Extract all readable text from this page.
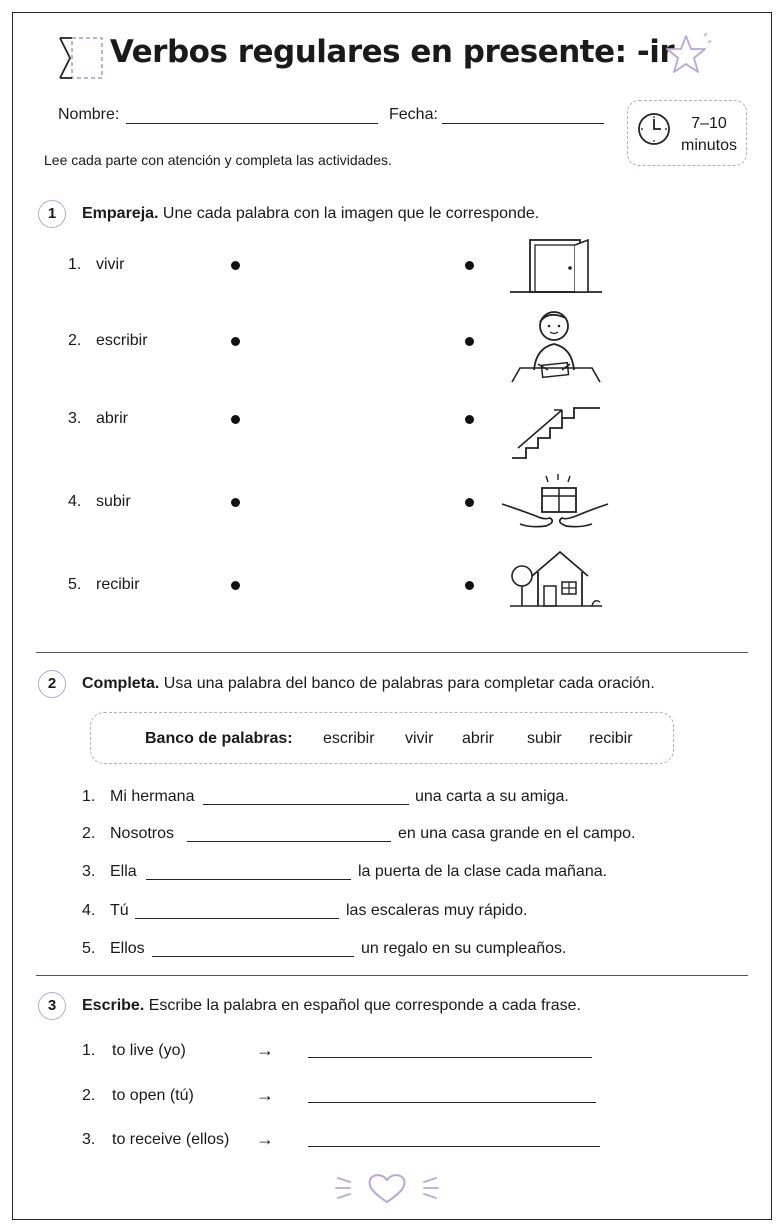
Verbos regulares en presente: -ir
Nombre:	Fecha:
7–10
minutos
Lee cada parte con atención y completa las actividades.
1	Empareja. Une cada palabra con la imagen que le corresponde.
1. vivir
2. escribir
3. abrir
4. subir
5. recibir
2	Completa. Usa una palabra del banco de palabras para completar cada oración.
Banco de palabras: escribir vivir abrir subir recibir
1. Mi hermana	una carta a su amiga.
2. Nosotros	en una casa grande en el campo.
3. Ella	la puerta de la clase cada mañana.
4. Tú	las escaleras muy rápido.
5. Ellos	un regalo en su cumpleaños.
3	Escribe. Escribe la palabra en español que corresponde a cada frase.
1. to live (yo)	→
2. to open (tú)	→
3. to receive (ellos) →
